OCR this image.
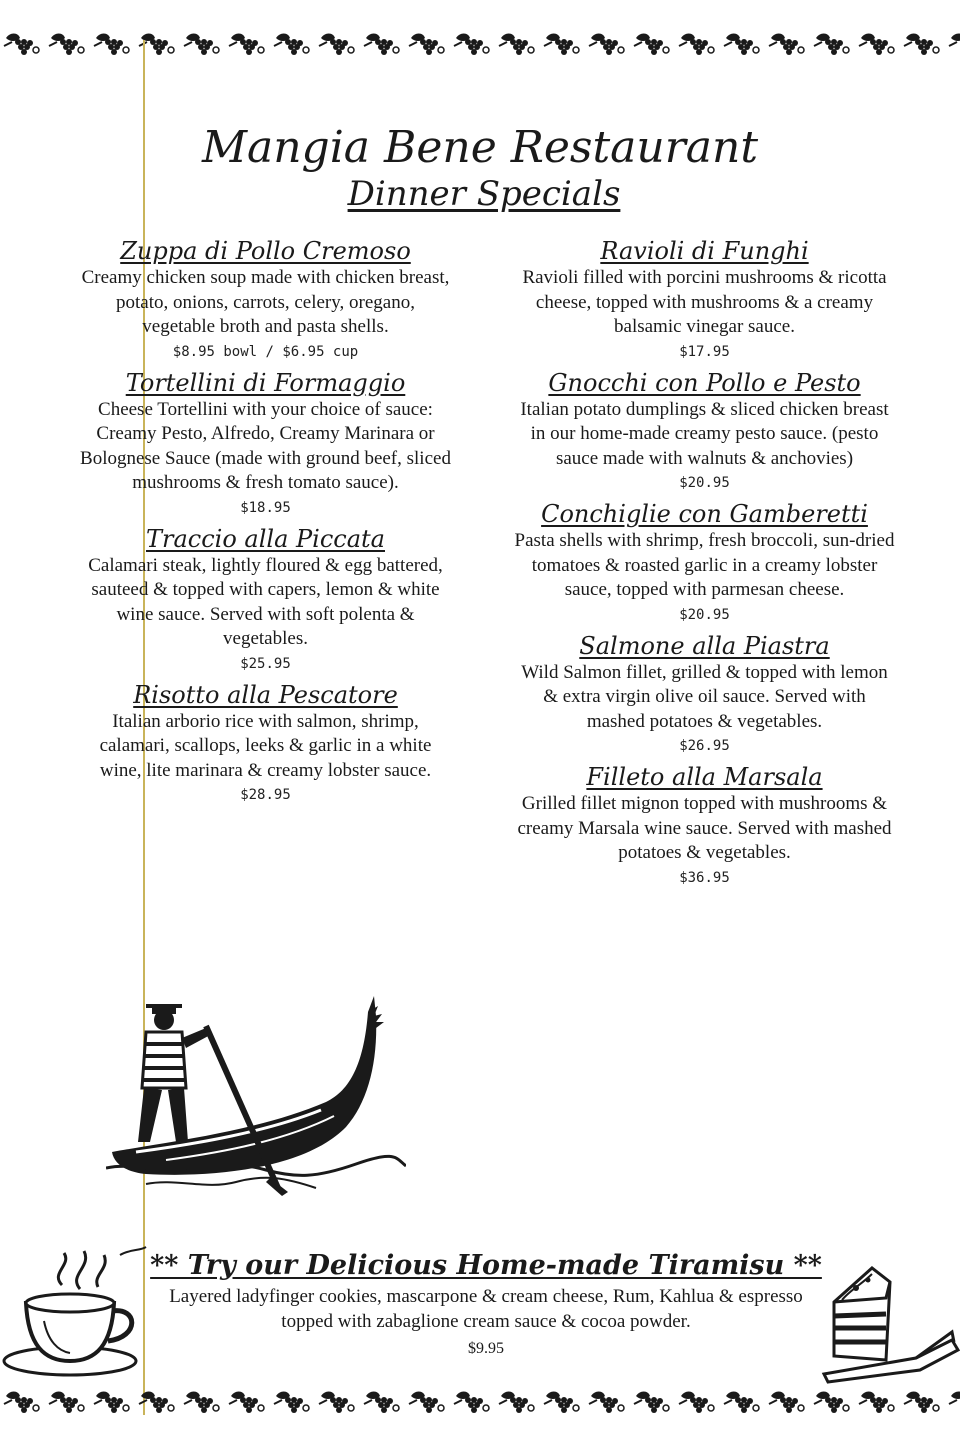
Mangia Bene Restaurant
Dinner Specials
Zuppa di Pollo Cremoso
Creamy chicken soup made with chicken breast, potato, onions, carrots, celery, oregano, vegetable broth and pasta shells.
$8.95 bowl / $6.95 cup
Tortellini di Formaggio
Cheese Tortellini with your choice of sauce: Creamy Pesto, Alfredo, Creamy Marinara or Bolognese Sauce (made with ground beef, sliced mushrooms & fresh tomato sauce).
$18.95
Traccio alla Piccata
Calamari steak, lightly floured & egg battered, sauteed & topped with capers, lemon & white wine sauce. Served with soft polenta & vegetables.
$25.95
Risotto alla Pescatore
Italian arborio rice with salmon, shrimp, calamari, scallops, leeks & garlic in a white wine, lite marinara & creamy lobster sauce.
$28.95
Ravioli di Funghi
Ravioli filled with porcini mushrooms & ricotta cheese, topped with mushrooms & a creamy balsamic vinegar sauce.
$17.95
Gnocchi con Pollo e Pesto
Italian potato dumplings & sliced chicken breast in our home-made creamy pesto sauce. (pesto sauce made with walnuts & anchovies)
$20.95
Conchiglie con Gamberetti
Pasta shells with shrimp, fresh broccoli, sun-dried tomatoes & roasted garlic in a creamy lobster sauce, topped with parmesan cheese.
$20.95
Salmone alla Piastra
Wild Salmon fillet, grilled & topped with lemon & extra virgin olive oil sauce. Served with mashed potatoes & vegetables.
$26.95
Filleto alla Marsala
Grilled fillet mignon topped with mushrooms & creamy Marsala wine sauce. Served with mashed potatoes & vegetables.
$36.95
** Try our Delicious Home-made Tiramisu **
Layered ladyfinger cookies, mascarpone & cream cheese, Rum, Kahlua & espresso topped with zabaglione cream sauce & cocoa powder.
$9.95
